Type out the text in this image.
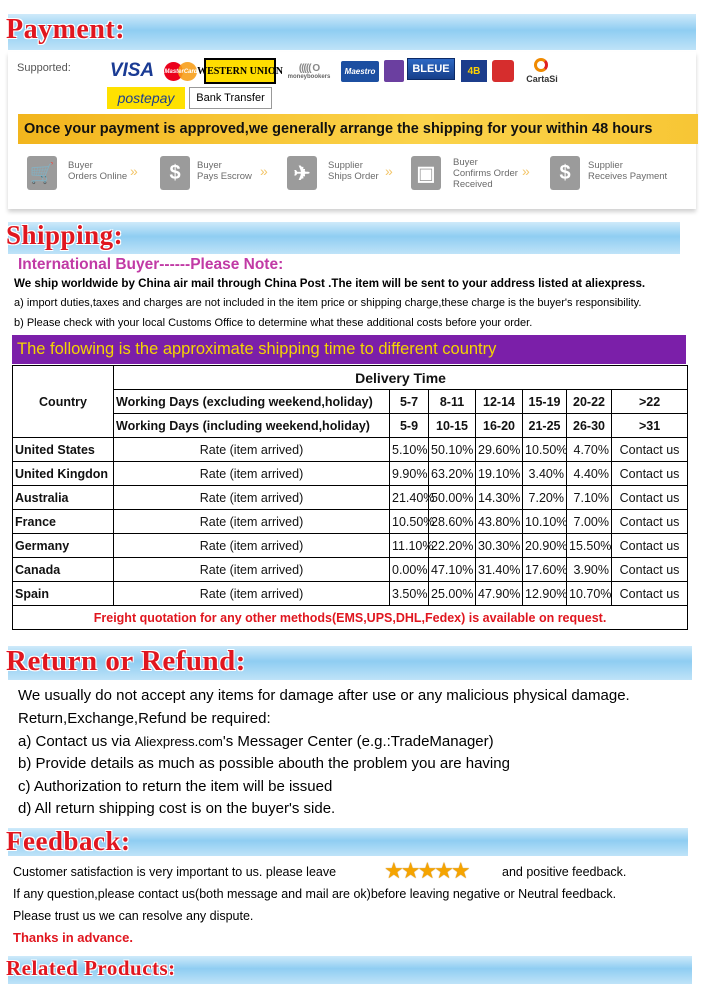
Payment:
Supported: VISA	MasterCard WESTERN UNION ((((( O
moneybookers
Maestro	BLEUE	4B
CartaSi
postepay	Bank Transfer
Once your payment is approved,we generally arrange the shipping for your within 48 hours
🛒 Buyer
Orders Online »	$	Buyer
Pays Escrow »	✈	Supplier
Ships Order » ▣	Buyer
Confirms Order
Received
»	$	Supplier
Receives Payment
Shipping:
International Buyer------Please Note:
We ship worldwide by China air mail through China Post .The item will be sent to your address listed at aliexpress.
a) import duties,taxes and charges are not included in the item price or shipping charge,these charge is the buyer's responsibility.
b) Please check with your local Customs Office to determine what these additional costs before your order.
The following is the approximate shipping time to different country
Country	Delivery Time						
	Working Days (excluding weekend,holiday)	5-7	8-11	12-14	15-19	20-22	>22
	Working Days (including weekend,holiday)	5-9	10-15	16-20	21-25	26-30	>31
United States	Rate (item arrived)	5.10%	50.10%	29.60%	10.50%	4.70%	Contact us
United Kingdon	Rate (item arrived)	9.90%	63.20%	19.10%	3.40%	4.40%	Contact us
Australia	Rate (item arrived)	21.40%	50.00%	14.30%	7.20%	7.10%	Contact us
France	Rate (item arrived)	10.50%	28.60%	43.80%	10.10%	7.00%	Contact us
Germany	Rate (item arrived)	11.10%	22.20%	30.30%	20.90%	15.50%	Contact us
Canada	Rate (item arrived)	0.00%	47.10%	31.40%	17.60%	3.90%	Contact us
Spain	Rate (item arrived)	3.50%	25.00%	47.90%	12.90%	10.70%	Contact us
Freight quotation for any other methods(EMS,UPS,DHL,Fedex) is available on request.							
Return or Refund:
We usually do not accept any items for damage after use or any malicious physical damage.
Return,Exchange,Refund be required:
a) Contact us via Aliexpress.com's Messager Center (e.g.:TradeManager)
b) Provide details as much as possible abouth the problem you are having
c) Authorization to return the item will be issued
d) All return shipping cost is on the buyer's side.
Feedback:
Customer satisfaction is very important to us. please leave ★★★★★	and positive feedback.
If any question,please contact us(both message and mail are ok)before leaving negative or Neutral feedback.
Please trust us we can resolve any dispute.
Thanks in advance.
Related Products:
